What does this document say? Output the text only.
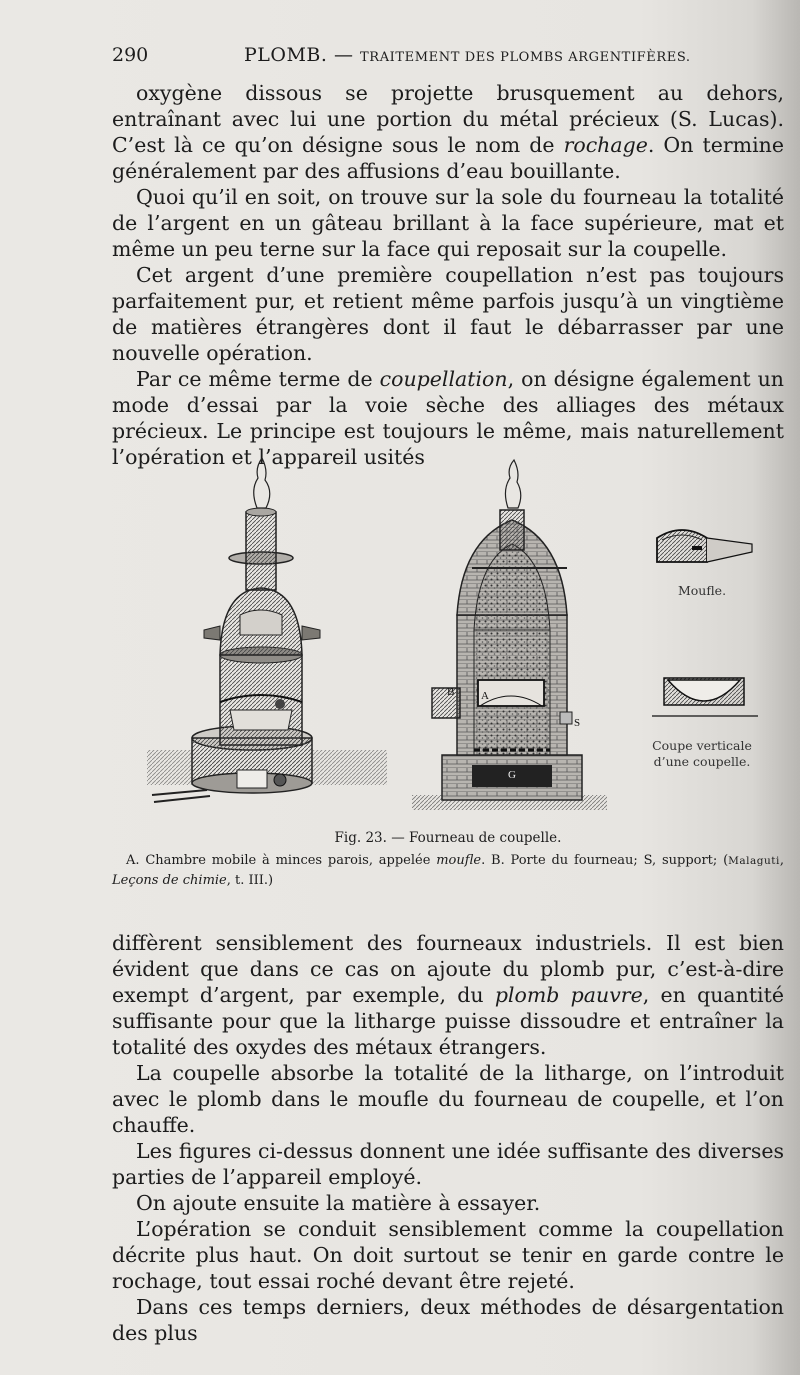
290	PLOMB. — TRAITEMENT DES PLOMBS ARGENTIFÈRES.

oxygène dissous se projette brusquement au dehors, entraînant avec lui une portion du métal précieux (S. Lucas). C’est là ce qu’on désigne sous le nom de rochage. On termine généralement par des affusions d’eau bouillante.

Quoi qu’il en soit, on trouve sur la sole du fourneau la totalité de l’argent en un gâteau brillant à la face supérieure, mat et même un peu terne sur la face qui reposait sur la coupelle.

Cet argent d’une première coupellation n’est pas toujours parfaitement pur, et retient même parfois jusqu’à un vingtième de matières étrangères dont il faut le débarrasser par une nouvelle opération.

Par ce même terme de coupellation, on désigne également un mode d’essai par la voie sèche des alliages des métaux précieux. Le principe est toujours le même, mais naturellement l’opération et l’appareil usités

A
B
S
G
Moufle.
Coupe verticale
d’une coupelle.
Fig. 23. — Fourneau de coupelle.
A. Chambre mobile à minces parois, appelée moufle. B. Porte du fourneau; S, support; (Malaguti, Leçons de chimie, t. III.)

diffèrent sensiblement des fourneaux industriels. Il est bien évident que dans ce cas on ajoute du plomb pur, c’est-à-dire exempt d’argent, par exemple, du plomb pauvre, en quantité suffisante pour que la litharge puisse dissoudre et entraîner la totalité des oxydes des métaux étrangers.

La coupelle absorbe la totalité de la litharge, on l’introduit avec le plomb dans le moufle du fourneau de coupelle, et l’on chauffe.

Les figures ci-dessus donnent une idée suffisante des diverses parties de l’appareil employé.

On ajoute ensuite la matière à essayer.

L’opération se conduit sensiblement comme la coupellation décrite plus haut. On doit surtout se tenir en garde contre le rochage, tout essai roché devant être rejeté.

Dans ces temps derniers, deux méthodes de désargentation des plus
